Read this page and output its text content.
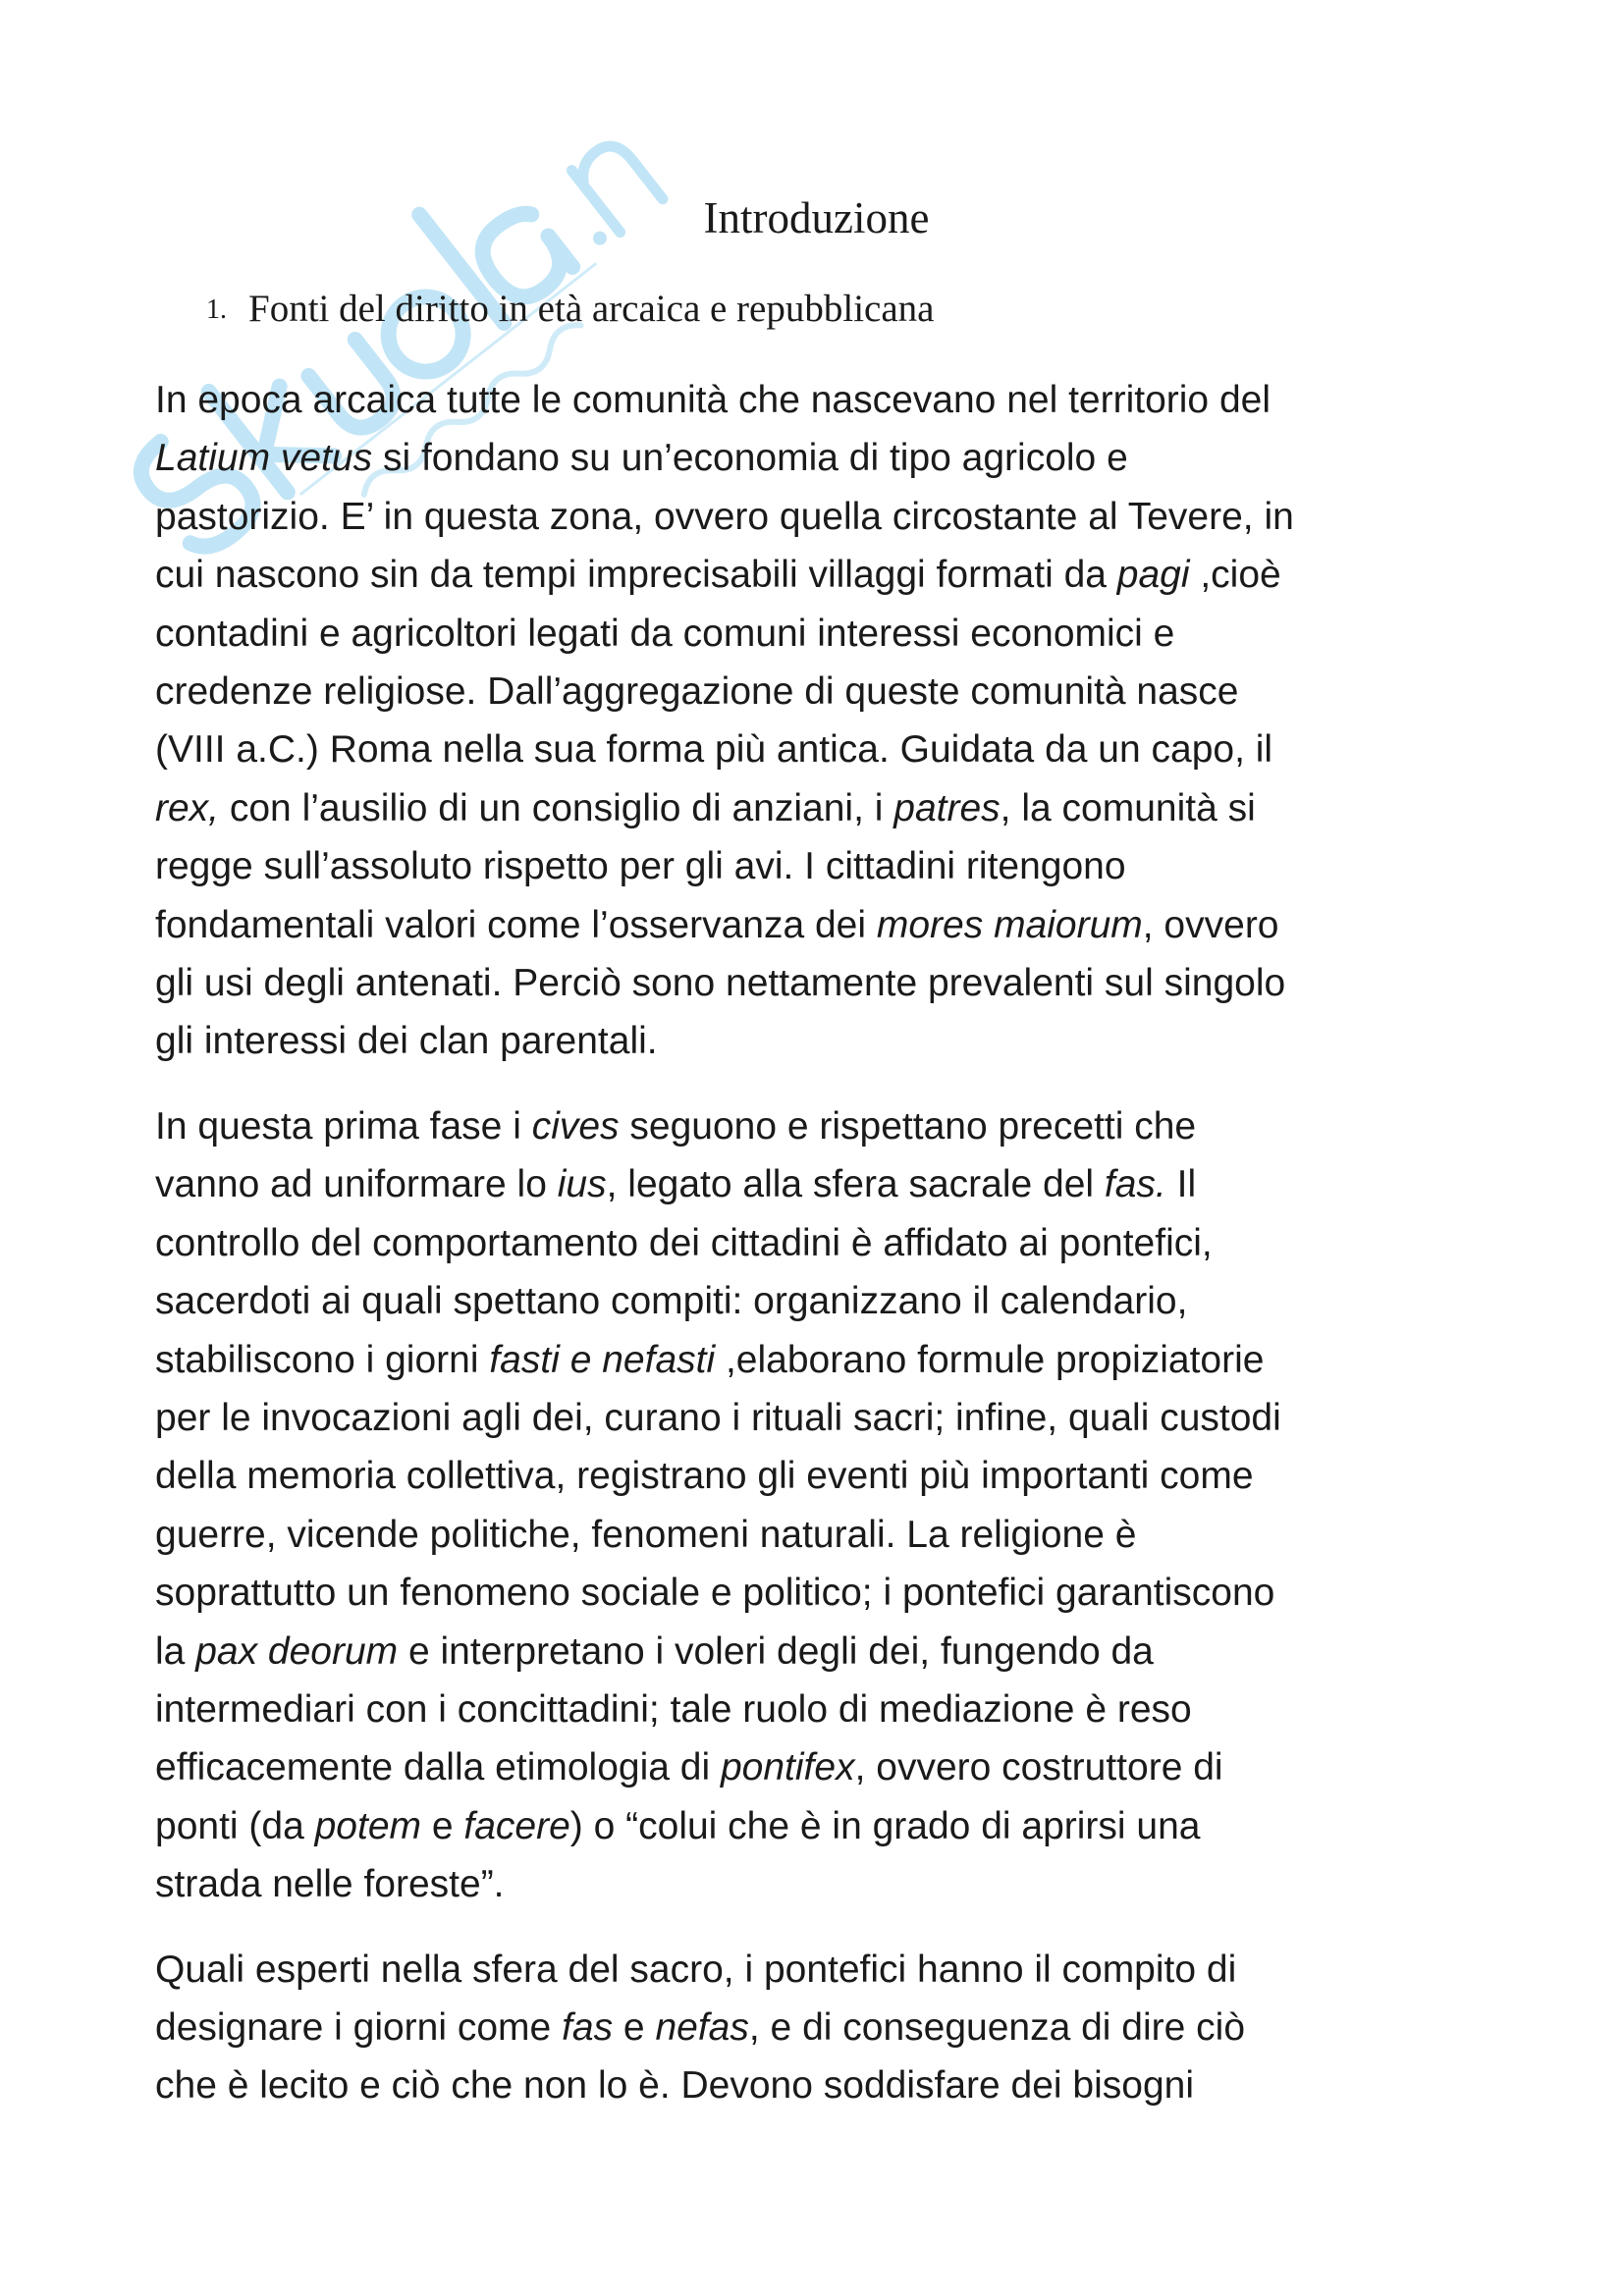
Introduzione
1. Fonti del diritto in età arcaica e repubblicana

In epoca arcaica tutte le comunità che nascevano nel territorio del
Latium vetus si fondano su un’economia di tipo agricolo e
pastorizio. E’ in questa zona, ovvero quella circostante al Tevere, in
cui nascono sin da tempi imprecisabili villaggi formati da pagi ,cioè
contadini e agricoltori legati da comuni interessi economici e
credenze religiose. Dall’aggregazione di queste comunità nasce
(VIII a.C.) Roma nella sua forma più antica. Guidata da un capo, il
rex, con l’ausilio di un consiglio di anziani, i patres, la comunità si
regge sull’assoluto rispetto per gli avi. I cittadini ritengono
fondamentali valori come l’osservanza dei mores maiorum, ovvero
gli usi degli antenati. Perciò sono nettamente prevalenti sul singolo
gli interessi dei clan parentali.

In questa prima fase i cives seguono e rispettano precetti che
vanno ad uniformare lo ius, legato alla sfera sacrale del fas. Il
controllo del comportamento dei cittadini è affidato ai pontefici,
sacerdoti ai quali spettano compiti: organizzano il calendario,
stabiliscono i giorni fasti e nefasti ,elaborano formule propiziatorie
per le invocazioni agli dei, curano i rituali sacri; infine, quali custodi
della memoria collettiva, registrano gli eventi più importanti come
guerre, vicende politiche, fenomeni naturali. La religione è
soprattutto un fenomeno sociale e politico; i pontefici garantiscono
la pax deorum e interpretano i voleri degli dei, fungendo da
intermediari con i concittadini; tale ruolo di mediazione è reso
efficacemente dalla etimologia di pontifex, ovvero costruttore di
ponti (da potem e facere) o “colui che è in grado di aprirsi una
strada nelle foreste”.

Quali esperti nella sfera del sacro, i pontefici hanno il compito di
designare i giorni come fas e nefas, e di conseguenza di dire ciò
che è lecito e ciò che non lo è. Devono soddisfare dei bisogni
